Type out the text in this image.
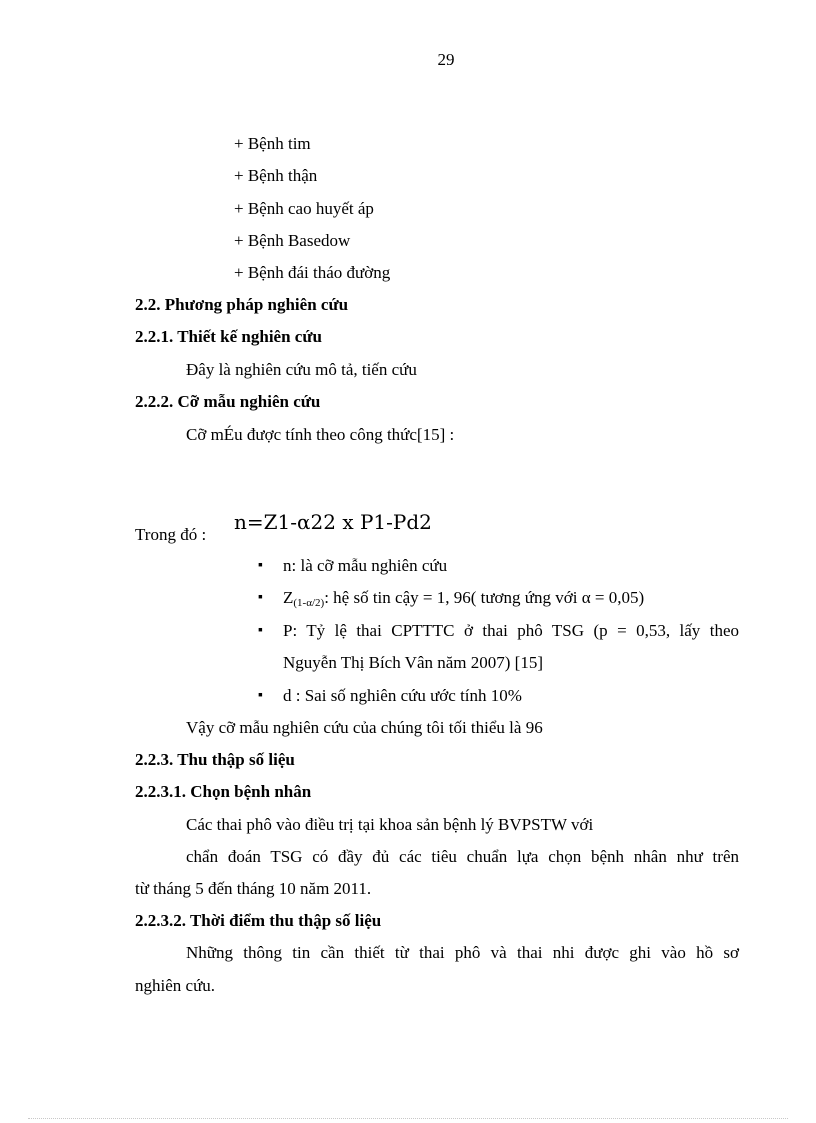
29
+ Bệnh tim
+ Bệnh thận
+ Bệnh cao huyết áp
+ Bệnh Basedow
+ Bệnh đái tháo đường
2.2. Phương pháp nghiên cứu
2.2.1. Thiết kế nghiên cứu
Đây là nghiên cứu mô tả, tiến cứu
2.2.2. Cỡ mẫu nghiên cứu
Cỡ mÉu được tính theo công thức[15] :
Trong đó :
n=Z1-α22 x P1-Pd2
▪ n: là cỡ mẫu nghiên cứu
▪ $Z_{(1-\alpha/2)}$: hệ số tin cậy = 1, 96( tương ứng với α = 0,05)
▪ P: Tỷ lệ thai CPTTTC ở thai phô TSG (p = 0,53, lấy theo
Nguyễn Thị Bích Vân năm 2007) [15]
▪ d : Sai số nghiên cứu ước tính 10%
Vậy cỡ mẫu nghiên cứu của chúng tôi tối thiểu là 96
2.2.3. Thu thập số liệu
2.2.3.1. Chọn bệnh nhân
Các thai phô vào điều trị tại khoa sản bệnh lý BVPSTW với
chẩn đoán TSG có đầy đủ các tiêu chuẩn lựa chọn bệnh nhân như trên
từ tháng 5 đến tháng 10 năm 2011.
2.2.3.2. Thời điểm thu thập số liệu
Những thông tin cần thiết từ thai phô và thai nhi được ghi vào hồ sơ
nghiên cứu.
